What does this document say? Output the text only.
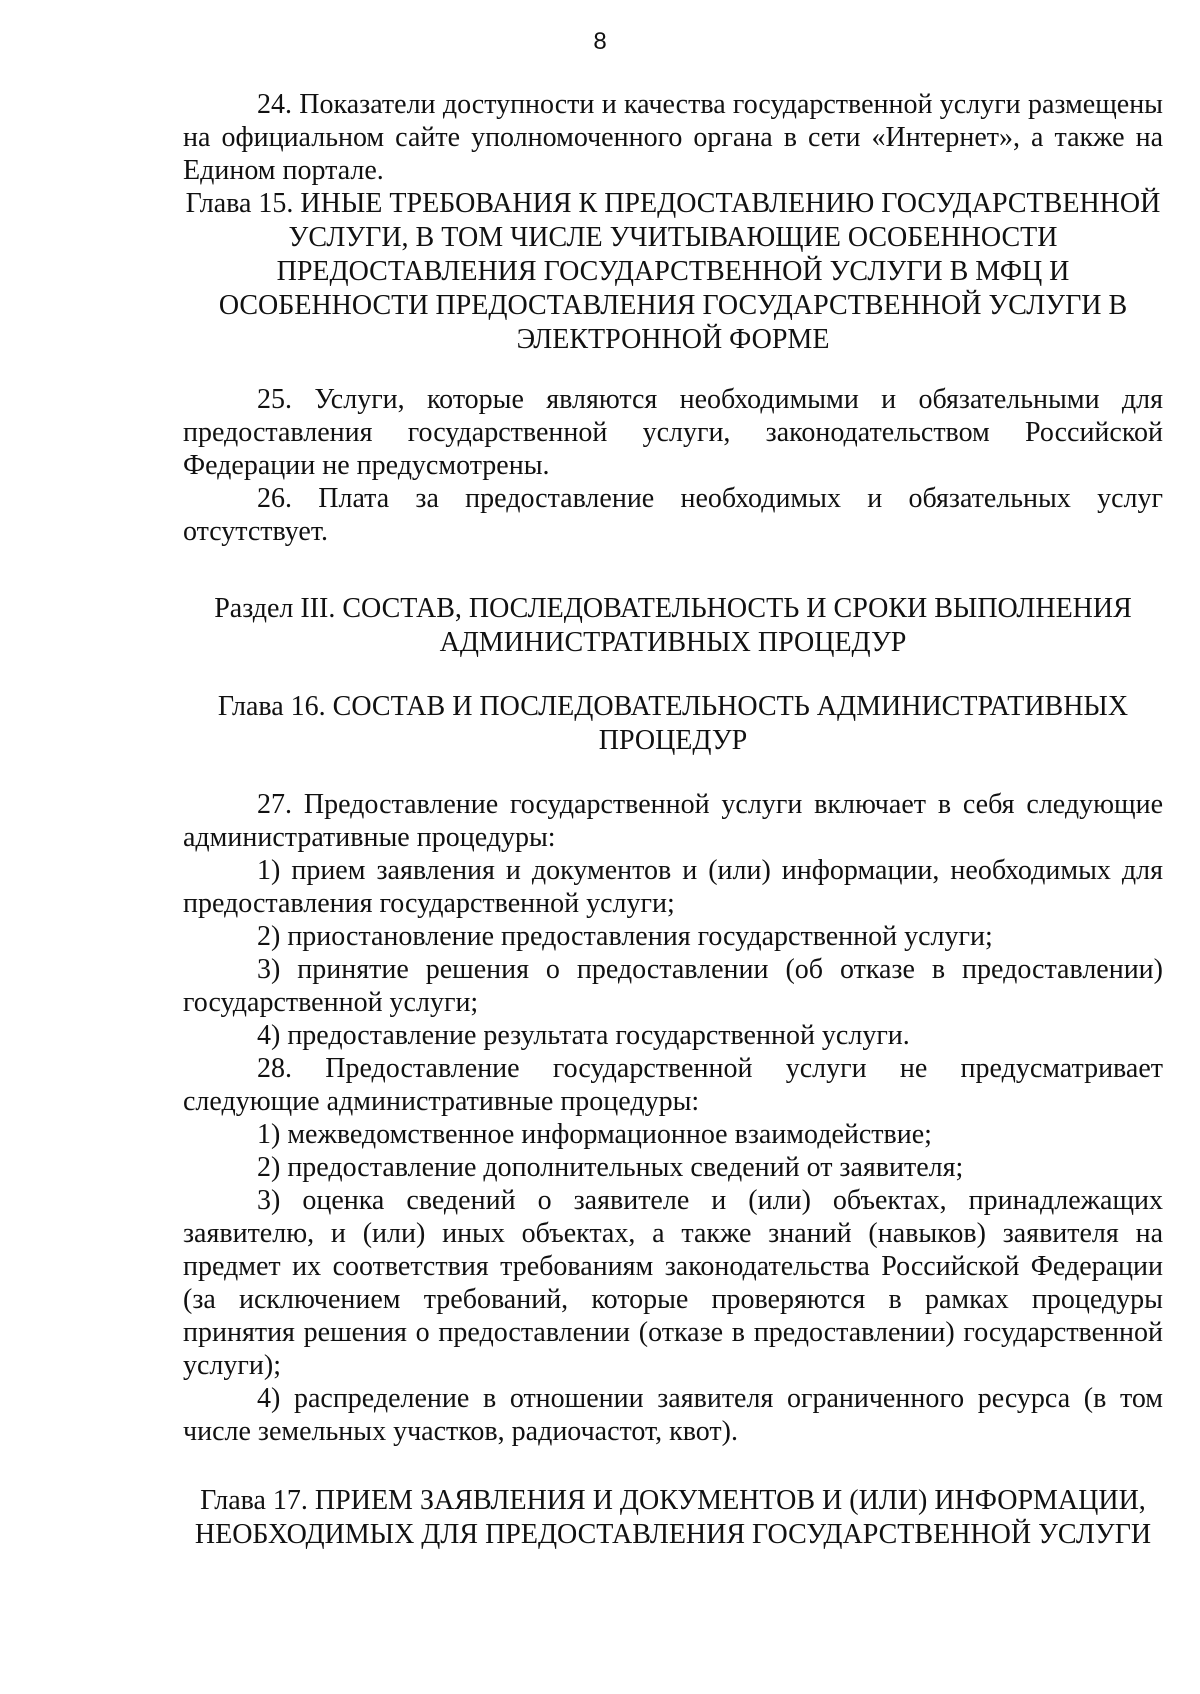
8

24. Показатели доступности и качества государственной услуги размещены на официальном сайте уполномоченного органа в сети «Интернет», а также на Едином портале.

Глава 15. ИНЫЕ ТРЕБОВАНИЯ К ПРЕДОСТАВЛЕНИЮ ГОСУДАРСТВЕННОЙ УСЛУГИ, В ТОМ ЧИСЛЕ УЧИТЫВАЮЩИЕ ОСОБЕННОСТИ ПРЕДОСТАВЛЕНИЯ ГОСУДАРСТВЕННОЙ УСЛУГИ В МФЦ И ОСОБЕННОСТИ ПРЕДОСТАВЛЕНИЯ ГОСУДАРСТВЕННОЙ УСЛУГИ В ЭЛЕКТРОННОЙ ФОРМЕ

25. Услуги, которые являются необходимыми и обязательными для предоставления государственной услуги, законодательством Российской Федерации не предусмотрены.

26. Плата за предоставление необходимых и обязательных услуг отсутствует.

Раздел III. СОСТАВ, ПОСЛЕДОВАТЕЛЬНОСТЬ И СРОКИ ВЫПОЛНЕНИЯ АДМИНИСТРАТИВНЫХ ПРОЦЕДУР
Глава 16. СОСТАВ И ПОСЛЕДОВАТЕЛЬНОСТЬ АДМИНИСТРАТИВНЫХ ПРОЦЕДУР

27. Предоставление государственной услуги включает в себя следующие административные процедуры:

1) прием заявления и документов и (или) информации, необходимых для предоставления государственной услуги;

2) приостановление предоставления государственной услуги;

3) принятие решения о предоставлении (об отказе в предоставлении) государственной услуги;

4) предоставление результата государственной услуги.

28. Предоставление государственной услуги не предусматривает следующие административные процедуры:

1) межведомственное информационное взаимодействие;

2) предоставление дополнительных сведений от заявителя;

3) оценка сведений о заявителе и (или) объектах, принадлежащих заявителю, и (или) иных объектах, а также знаний (навыков) заявителя на предмет их соответствия требованиям законодательства Российской Федерации (за исключением требований, которые проверяются в рамках процедуры принятия решения о предоставлении (отказе в предоставлении) государственной услуги);

4) распределение в отношении заявителя ограниченного ресурса (в том числе земельных участков, радиочастот, квот).

Глава 17. ПРИЕМ ЗАЯВЛЕНИЯ И ДОКУМЕНТОВ И (ИЛИ) ИНФОРМАЦИИ, НЕОБХОДИМЫХ ДЛЯ ПРЕДОСТАВЛЕНИЯ ГОСУДАРСТВЕННОЙ УСЛУГИ
